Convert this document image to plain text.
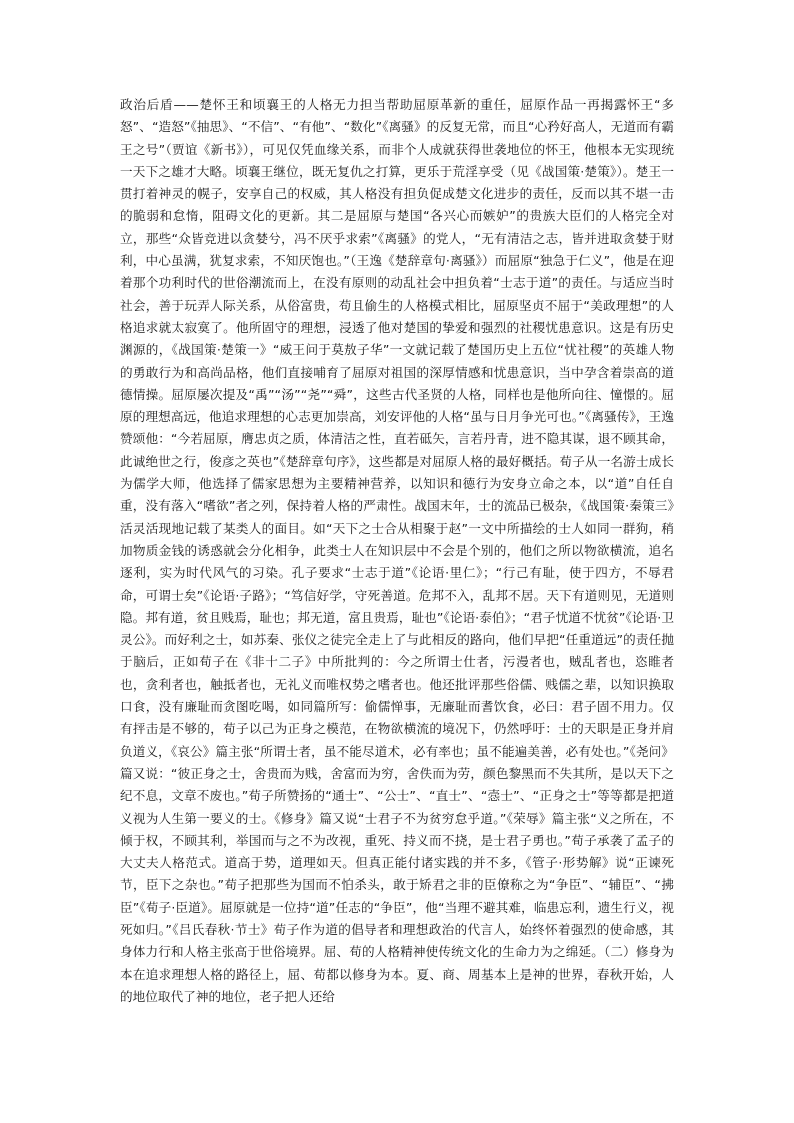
政治后盾——楚怀王和顷襄王的人格无力担当帮助屈原革新的重任，屈原作品一再揭露怀王“多怒”、“造怒”《抽思》、“不信”、“有他”、“数化”《离骚》的反复无常，而且“心矜好高人，无道而有霸王之号”（贾谊《新书》），可见仅凭血缘关系，而非个人成就获得世袭地位的怀王，他根本无实现统一天下之雄才大略。顷襄王继位，既无复仇之打算，更乐于荒淫享受（见《战国策·楚策》）。楚王一贯打着神灵的幌子，安享自己的权威，其人格没有担负促成楚文化进步的责任，反而以其不堪一击的脆弱和怠惰，阻碍文化的更新。其二是屈原与楚国“各兴心而嫉妒”的贵族大臣们的人格完全对立，那些“众皆竞进以贪婪兮，冯不厌乎求索”《离骚》的党人，“无有清洁之志，皆并进取贪婪于财利，中心虽满，犹复求索，不知厌饱也。”（王逸《楚辞章句·离骚》）而屈原“独急于仁义”，他是在迎着那个功利时代的世俗潮流而上，在没有原则的动乱社会中担负着“士志于道”的责任。与适应当时社会，善于玩弄人际关系，从俗富贵，苟且偷生的人格模式相比，屈原坚贞不屈于“美政理想”的人格追求就太寂寞了。他所固守的理想，浸透了他对楚国的挚爱和强烈的社稷忧患意识。这是有历史渊源的，《战国策·楚策一》“威王问于莫敖子华”一文就记载了楚国历史上五位“忧社稷”的英雄人物的勇敢行为和高尚品格，他们直接哺育了屈原对祖国的深厚情感和忧患意识，当中孕含着崇高的道德情操。屈原屡次提及“禹”“汤”“尧”“舜”，这些古代圣贤的人格，同样也是他所向往、憧憬的。屈原的理想高远，他追求理想的心志更加崇高，刘安评他的人格“虽与日月争光可也。”《离骚传》，王逸赞颂他：“今若屈原，膺忠贞之质，体清洁之性，直若砥矢，言若丹青，进不隐其谋，退不顾其命，此诚绝世之行，俊彦之英也”《楚辞章句序》，这些都是对屈原人格的最好概括。荀子从一名游士成长为儒学大师，他选择了儒家思想为主要精神营养，以知识和德行为安身立命之本，以“道”自任自重，没有落入“嗜欲”者之列，保持着人格的严肃性。战国末年，士的流品已极杂，《战国策·秦策三》活灵活现地记载了某类人的面目。如“天下之士合从相聚于赵”一文中所描绘的士人如同一群狗，稍加物质金钱的诱惑就会分化相争，此类士人在知识层中不会是个别的，他们之所以物欲横流，追名逐利，实为时代风气的习染。孔子要求“士志于道”《论语·里仁》；“行己有耻，使于四方，不辱君命，可谓士矣”《论语·子路》；“笃信好学，守死善道。危邦不入，乱邦不居。天下有道则见，无道则隐。邦有道，贫且贱焉，耻也；邦无道，富且贵焉，耻也”《论语·泰伯》；“君子忧道不忧贫”《论语·卫灵公》。而好利之士，如苏秦、张仪之徒完全走上了与此相反的路向，他们早把“任重道远”的责任抛于脑后，正如荀子在《非十二子》中所批判的：今之所谓士仕者，污漫者也，贼乱者也，恣睢者也，贪利者也，触抵者也，无礼义而唯权势之嗜者也。他还批评那些俗儒、贱儒之辈，以知识换取口食，没有廉耻而贪图吃喝，如同篇所写：偷儒惮事，无廉耻而耆饮食，必曰：君子固不用力。仅有抨击是不够的，荀子以己为正身之模范，在物欲横流的境况下，仍然呼吁：士的天职是正身并肩负道义，《哀公》篇主张“所谓士者，虽不能尽道术，必有率也；虽不能遍美善，必有处也。”《尧问》篇又说：“彼正身之士，舍贵而为贱，舍富而为穷，舍佚而为劳，颜色黎黑而不失其所，是以天下之纪不息，文章不废也。”荀子所赞扬的“通士”、“公士”、“直士”、“悫士”、“正身之士”等等都是把道义视为人生第一要义的士。《修身》篇又说“士君子不为贫穷怠乎道。”《荣辱》篇主张“义之所在，不倾于权，不顾其利，举国而与之不为改视，重死、持义而不挠，是士君子勇也。”荀子承袭了孟子的大丈夫人格范式。道高于势，道理如天。但真正能付诸实践的并不多，《管子·形势解》说“正谏死节，臣下之杂也。”荀子把那些为国而不怕杀头，敢于矫君之非的臣僚称之为“争臣”、“辅臣”、“拂臣”《荀子·臣道》。屈原就是一位持“道”任志的“争臣”，他“当理不避其难，临患忘利，遗生行义，视死如归。”《吕氏春秋·节士》荀子作为道的倡导者和理想政治的代言人，始终怀着强烈的使命感，其身体力行和人格主张高于世俗境界。屈、荀的人格精神使传统文化的生命力为之绵延。（二）修身为本在追求理想人格的路径上，屈、荀都以修身为本。夏、商、周基本上是神的世界，春秋开始，人的地位取代了神的地位，老子把人还给
